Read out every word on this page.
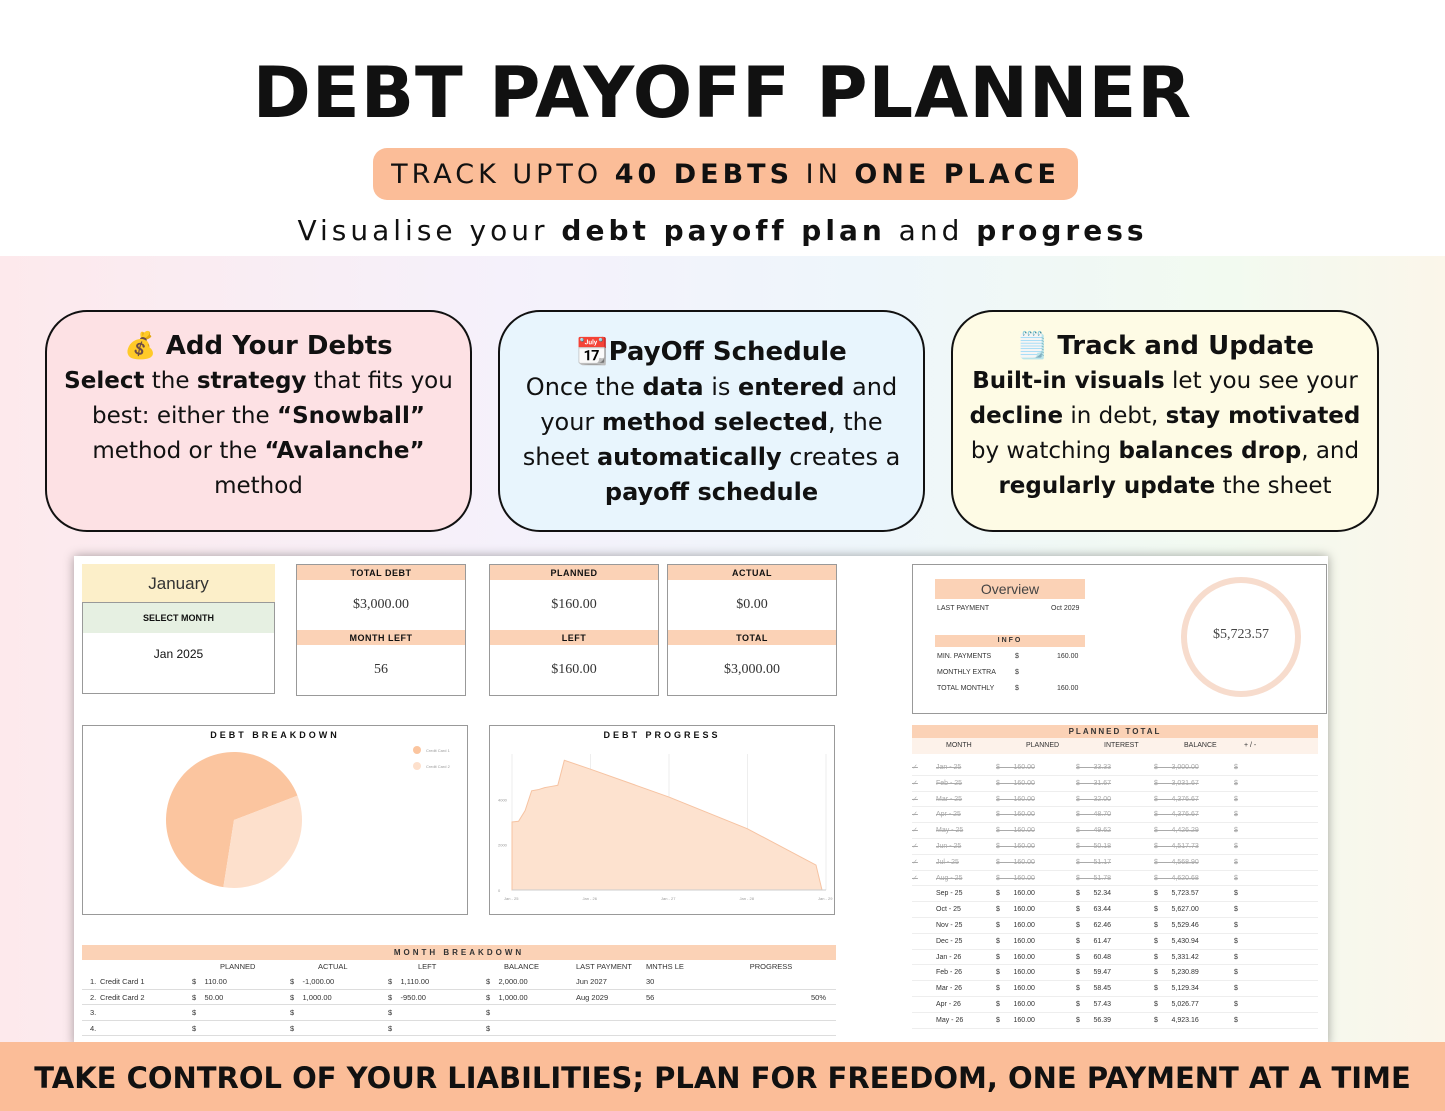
DEBT PAYOFF PLANNER
TRACK UPTO 40 DEBTS IN ONE PLACE
Visualise your debt payoff plan and progress
💰 Add Your Debts
Select the strategy that fits you best: either the “Snowball” method or the “Avalanche” method
📆PayOff Schedule
Once the data is entered and your method selected, the sheet automatically creates a payoff schedule
🗒️ Track and Update
Built-in visuals let you see your decline in debt, stay motivated by watching balances drop, and regularly update the sheet
January
SELECT MONTH
Jan 2025
TOTAL DEBT
$3,000.00
MONTH LEFT
56
PLANNED
$160.00
LEFT
$160.00
ACTUAL
$0.00
TOTAL
$3,000.00
Overview
LAST PAYMENT	Oct 2029
INFO
MIN. PAYMENTS	$	160.00
MONTHLY EXTRA	$
TOTAL MONTHLY	$	160.00
$5,723.57
DEBT BREAKDOWN
Credit Card 1
Credit Card 2
DEBT PROGRESS
4000
2000
0
Jan - 25	Jan - 26	Jan - 27	Jan - 28	Jan - 29
PLANNED TOTAL
MONTH	PLANNED	INTEREST	BALANCE	+ / -
✓	Jan - 25	$       160.00	$       33.33	$       3,000.00	$
✓	Feb - 25	$       160.00	$       31.67	$       3,031.67	$
✓	Mar - 25	$       160.00	$       32.00	$       4,376.67	$
✓	Apr - 25	$       160.00	$       48.70	$       4,376.67	$
✓	May - 25	$       160.00	$       49.62	$       4,426.29	$
✓	Jun - 25	$       160.00	$       50.18	$       4,517.73	$
✓	Jul - 25	$       160.00	$       51.17	$       4,568.90	$
✓	Aug - 25	$       160.00	$       51.78	$       4,620.68	$
Sep - 25	$       160.00	$       52.34	$       5,723.57	$
Oct - 25	$       160.00	$       63.44	$       5,627.00	$
Nov - 25	$       160.00	$       62.46	$       5,529.46	$
Dec - 25	$       160.00	$       61.47	$       5,430.94	$
Jan - 26	$       160.00	$       60.48	$       5,331.42	$
Feb - 26	$       160.00	$       59.47	$       5,230.89	$
Mar - 26	$       160.00	$       58.45	$       5,129.34	$
Apr - 26	$       160.00	$       57.43	$       5,026.77	$
May - 26	$       160.00	$       56.39	$       4,923.16	$
MONTH BREAKDOWN
PLANNED	ACTUAL	LEFT	BALANCE	LAST PAYMENT	MNTHS LE	PROGRESS
1. Credit Card 1	$    110.00	$    -1,000.00	$    1,110.00	$    2,000.00	Jun 2027	30
2. Credit Card 2	$    50.00	$    1,000.00	$    -950.00	$    1,000.00	Aug 2029	56	50%
3.	$	$	$	$
4.	$	$	$	$
TAKE CONTROL OF YOUR LIABILITIES; PLAN FOR FREEDOM, ONE PAYMENT AT A TIME
